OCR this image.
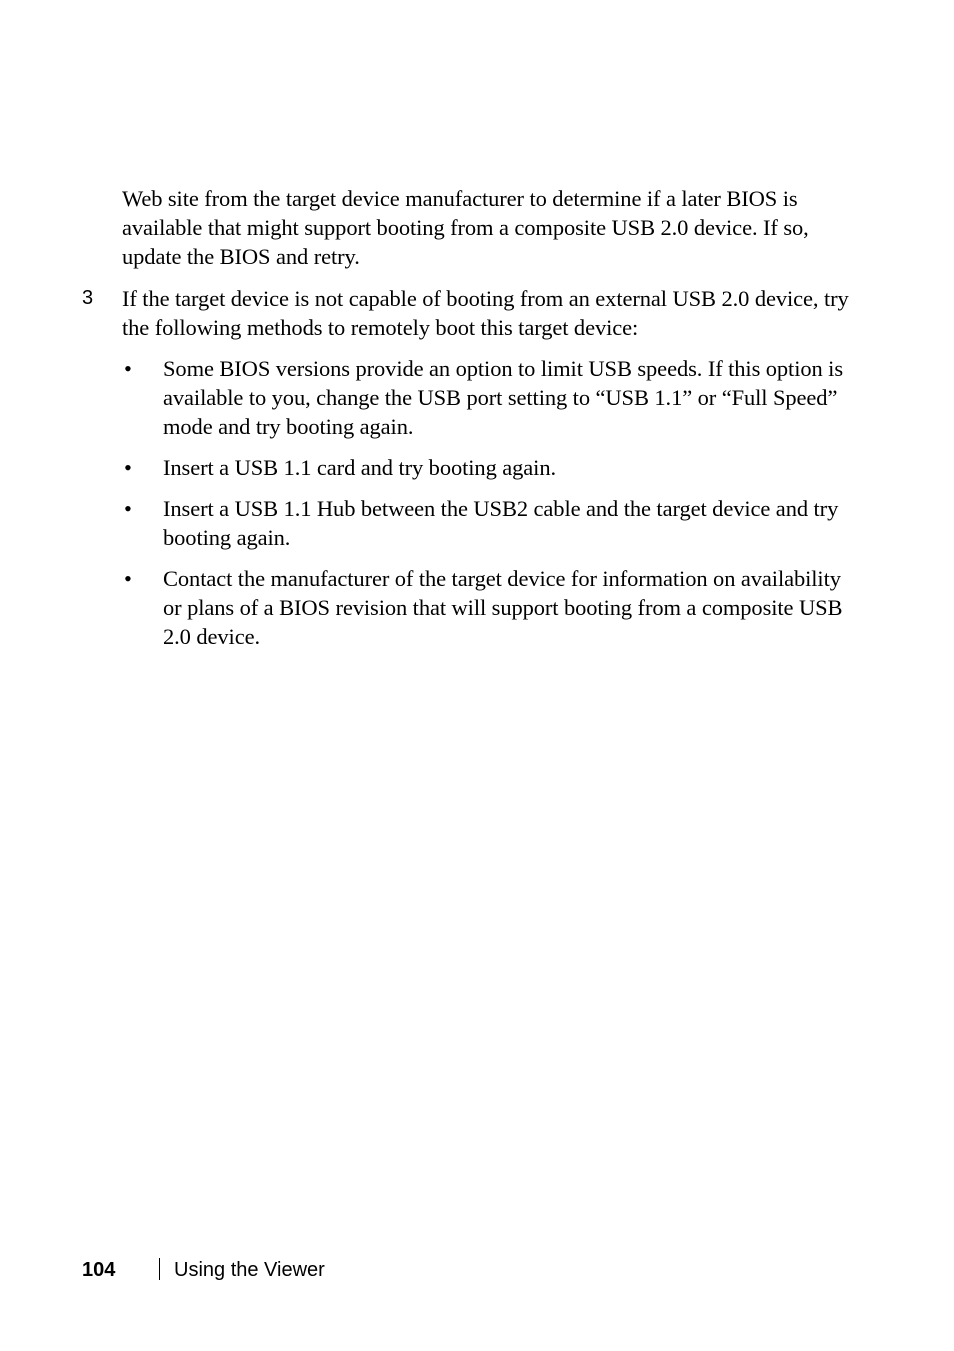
Web site from the target device manufacturer to determine if a later BIOS is available that might support booting from a composite USB 2.0 device. If so, update the BIOS and retry.

3 If the target device is not capable of booting from an external USB 2.0 device, try the following methods to remotely boot this target device:
• Some BIOS versions provide an option to limit USB speeds. If this option is available to you, change the USB port setting to “USB 1.1” or “Full Speed” mode and try booting again.
• Insert a USB 1.1 card and try booting again.
• Insert a USB 1.1 Hub between the USB2 cable and the target device and try booting again.
• Contact the manufacturer of the target device for information on availability or plans of a BIOS revision that will support booting from a composite USB 2.0 device.
104	Using the Viewer
